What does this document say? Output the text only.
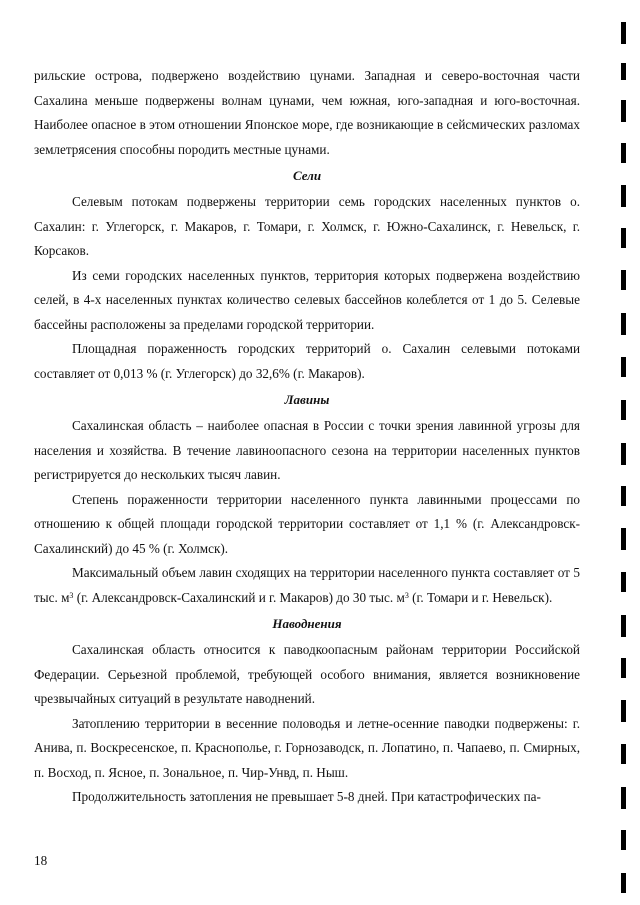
рильские острова, подвержено воздействию цунами. Западная и северо-восточная части Сахалина меньше подвержены волнам цунами, чем южная, юго-западная и юго-восточная. Наиболее опасное в этом отношении Японское море, где возникающие в сейсмических разломах землетрясения способны породить местные цунами.

Сели

Селевым потокам подвержены территории семь городских населенных пунктов о. Сахалин: г. Углегорск, г. Макаров, г. Томари, г. Холмск, г. Южно-Сахалинск, г. Невельск, г. Корсаков.

Из семи городских населенных пунктов, территория которых подвержена воздействию селей, в 4-х населенных пунктах количество селевых бассейнов колеблется от 1 до 5. Селевые бассейны расположены за пределами городской территории.

Площадная пораженность городских территорий о. Сахалин селевыми потоками составляет от 0,013 % (г. Углегорск) до 32,6% (г. Макаров).

Лавины

Сахалинская область – наиболее опасная в России с точки зрения лавинной угрозы для населения и хозяйства. В течение лавиноопасного сезона на территории населенных пунктов регистрируется до нескольких тысяч лавин.

Степень пораженности территории населенного пункта лавинными процессами по отношению к общей площади городской территории составляет от 1,1 % (г. Александровск-Сахалинский) до 45 % (г. Холмск).

Максимальный объем лавин сходящих на территории населенного пункта составляет от 5 тыс. $м^3$ (г. Александровск-Сахалинский и г. Макаров) до 30 тыс. $м^3$ (г. Томари и г. Невельск).

Наводнения

Сахалинская область относится к паводкоопасным районам территории Российской Федерации. Серьезной проблемой, требующей особого внимания, является возникновение чрезвычайных ситуаций в результате наводнений.

Затоплению территории в весенние половодья и летне-осенние паводки подвержены: г. Анива, п. Воскресенское, п. Краснополье, г. Горнозаводск, п. Лопатино, п. Чапаево, п. Смирных, п. Восход, п. Ясное, п. Зональное, п. Чир-Унвд, п. Ныш.

Продолжительность затопления не превышает 5-8 дней. При катастрофических па-

18
